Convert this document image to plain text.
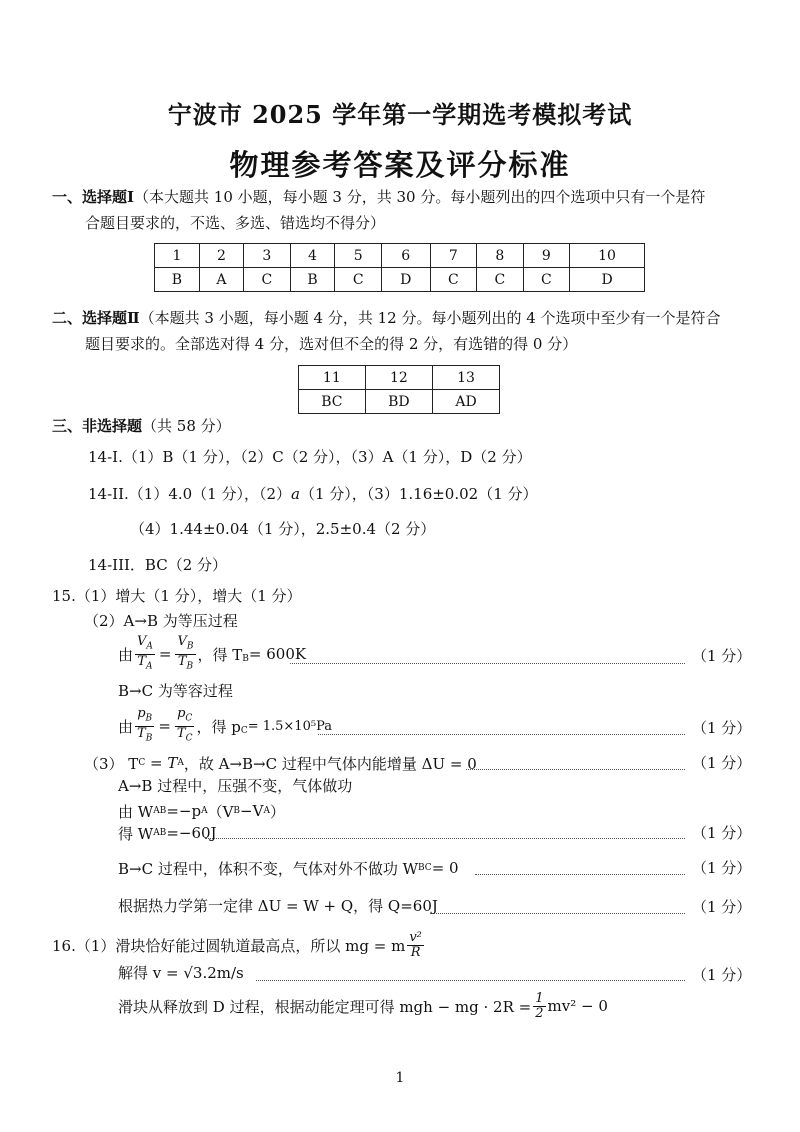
宁波市 2025 学年第一学期选考模拟考试
物理参考答案及评分标准
一、选择题Ⅰ（本大题共 10 小题，每小题 3 分，共 30 分。每小题列出的四个选项中只有一个是符
合题目要求的，不选、多选、错选均不得分）
1	2	3	4	5	6	7	8	9	10
B	A	C	B	C	D	C	C	C	D
二、选择题Ⅱ（本题共 3 小题，每小题 4 分，共 12 分。每小题列出的 4 个选项中至少有一个是符合
题目要求的。全部选对得 4 分，选对但不全的得 2 分，有选错的得 0 分）
11	12	13
BC	BD	AD
三、非选择题（共 58 分）
14-I.（1）B（1 分），（2）C（2 分），（3）A（1 分），D（2 分）
14-II.（1）4.0（1 分），（2）a（1 分），（3）1.16±0.02（1 分）
（4）1.44±0.04（1 分），2.5±0.4（2 分）
14-III．BC（2 分）
15.（1）增大（1 分），增大（1 分）
（2）A→B 为等压过程
由 $\frac{V_A}{T_A} = \frac{V_B}{T_B}$ ，得 $T_B = 600K$	（1 分）
B→C 为等容过程
由 $\frac{p_B}{T_B} = \frac{p_C}{T_C}$ ，得 $p_C = 1.5\times 10^5Pa$	（1 分）
（3） T C = T A ，故 A→B→C 过程中气体内能增量 ΔU = 0	（1 分）
A→B 过程中，压强不变，气体做功
由 W AB =−p A （V B −V A ）
得 W AB =−60J	（1 分）
B→C 过程中，体积不变，气体对外不做功 W BC = 0	（1 分）
根据热力学第一定律 ΔU = W + Q，得 Q=60J	（1 分）
16.（1）滑块恰好能过圆轨道最高点，所以 mg = m $\frac{\text{v²}}{R}$
解得 v = √3.2m/s	（1 分）
滑块从释放到 D 过程，根据动能定理可得 mgh − mg · $2R = \frac{1}{2} mv^2 - 0$
1
